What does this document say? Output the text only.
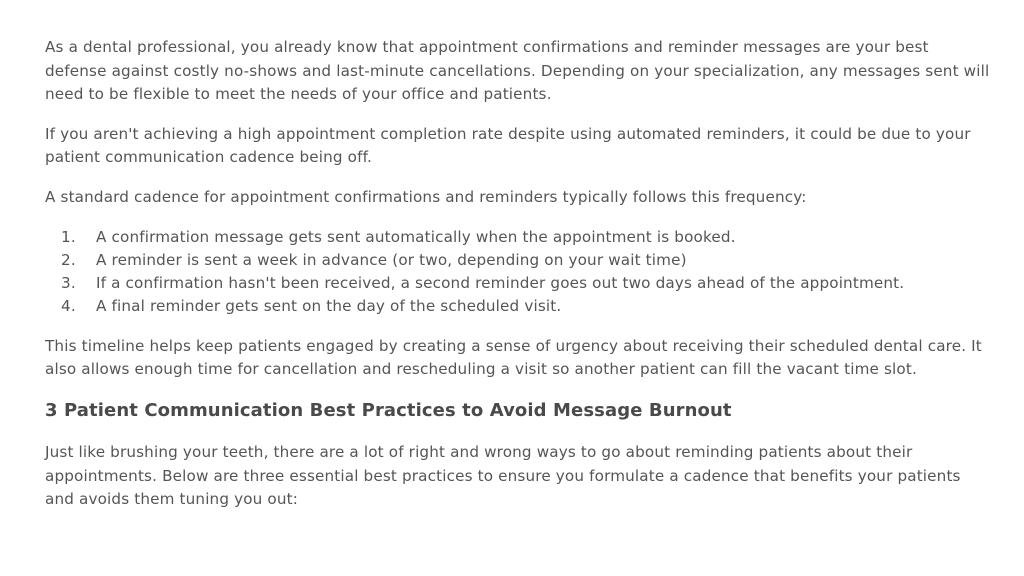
As a dental professional, you already know that appointment confirmations and reminder messages are your best defense against costly no-shows and last-minute cancellations. Depending on your specialization, any messages sent will need to be flexible to meet the needs of your office and patients.

If you aren't achieving a high appointment completion rate despite using automated reminders, it could be due to your patient communication cadence being off.

A standard cadence for appointment confirmations and reminders typically follows this frequency:

1. A confirmation message gets sent automatically when the appointment is booked.
2. A reminder is sent a week in advance (or two, depending on your wait time)
3. If a confirmation hasn't been received, a second reminder goes out two days ahead of the appointment.
4. A final reminder gets sent on the day of the scheduled visit.

This timeline helps keep patients engaged by creating a sense of urgency about receiving their scheduled dental care. It also allows enough time for cancellation and rescheduling a visit so another patient can fill the vacant time slot.

3 Patient Communication Best Practices to Avoid Message Burnout

Just like brushing your teeth, there are a lot of right and wrong ways to go about reminding patients about their appointments. Below are three essential best practices to ensure you formulate a cadence that benefits your patients and avoids them tuning you out:
